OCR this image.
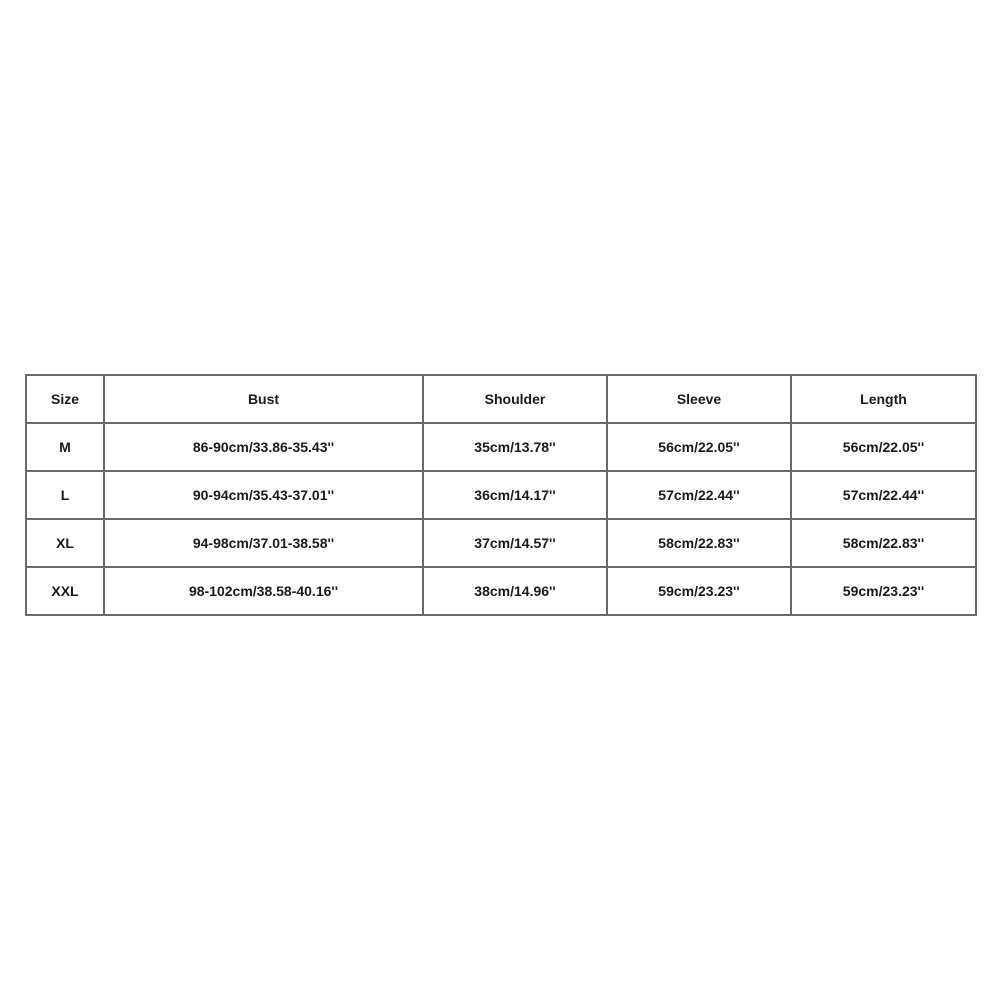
Size	Bust	Shoulder	Sleeve	Length
M	86-90cm/33.86-35.43''	35cm/13.78''	56cm/22.05''	56cm/22.05''
L	90-94cm/35.43-37.01''	36cm/14.17''	57cm/22.44''	57cm/22.44''
XL	94-98cm/37.01-38.58''	37cm/14.57''	58cm/22.83''	58cm/22.83''
XXL	98-102cm/38.58-40.16''	38cm/14.96''	59cm/23.23''	59cm/23.23''
